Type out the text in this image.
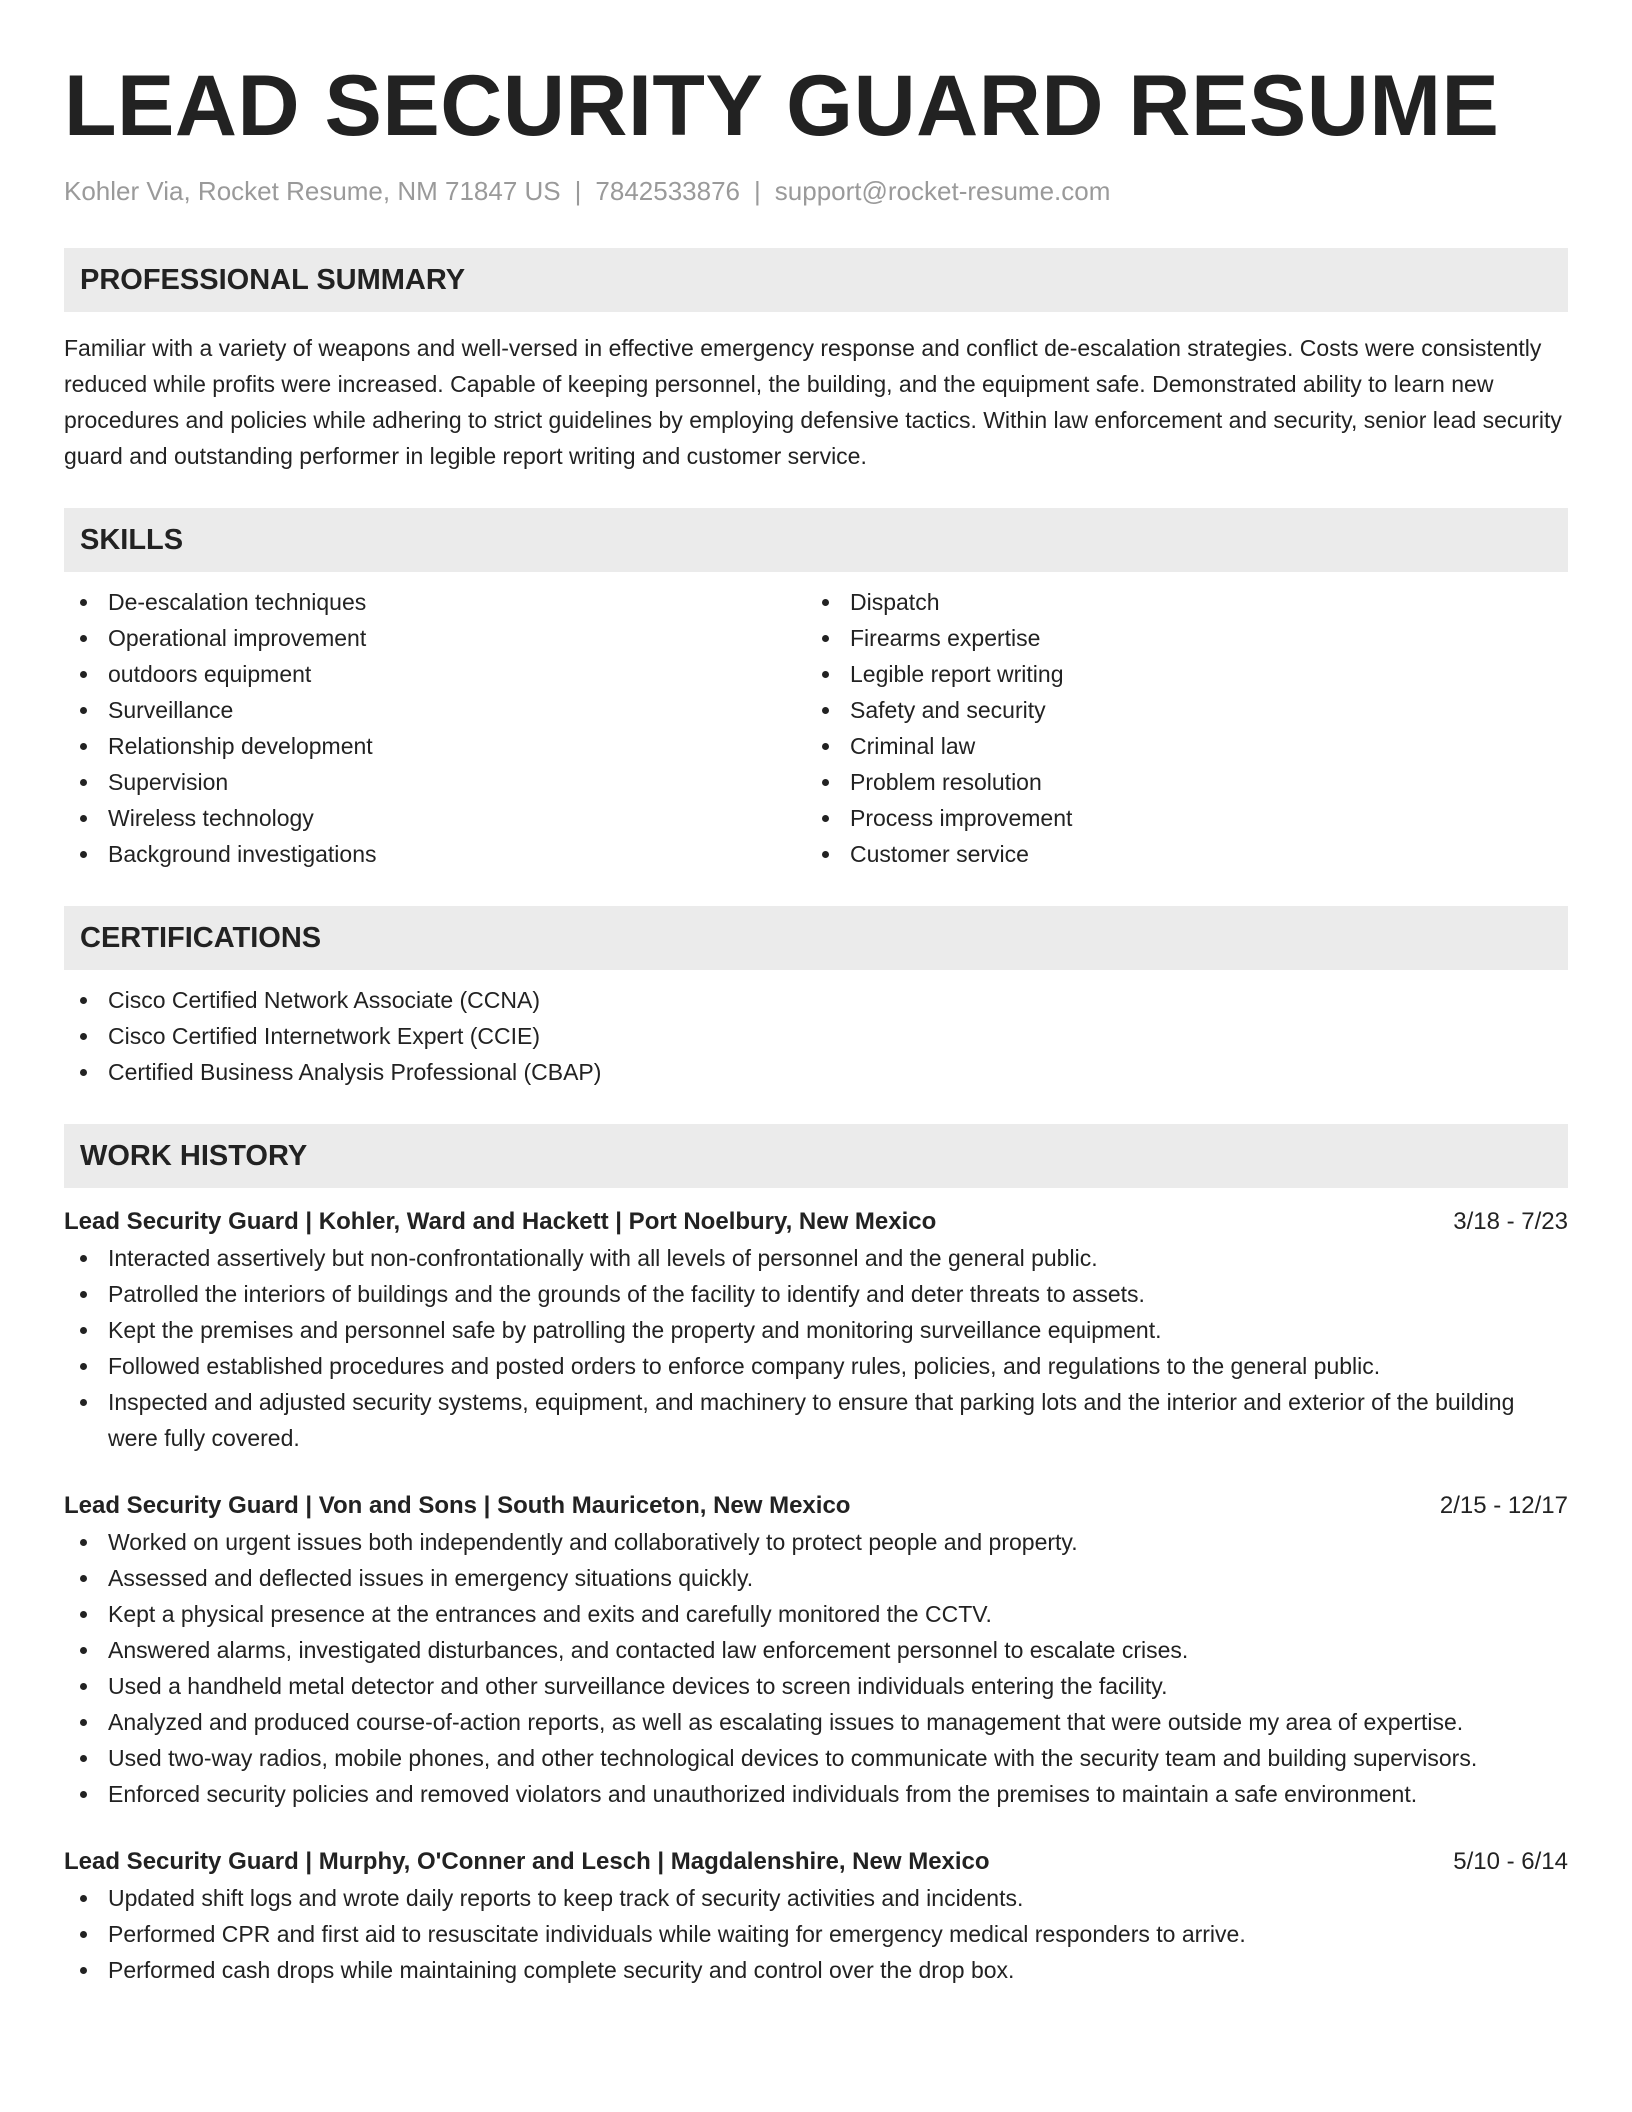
LEAD SECURITY GUARD RESUME
Kohler Via, Rocket Resume, NM 71847 US | 7842533876 | support@rocket-resume.com
PROFESSIONAL SUMMARY
Familiar with a variety of weapons and well-versed in effective emergency response and conflict de-escalation strategies. Costs were consistently reduced while profits were increased. Capable of keeping personnel, the building, and the equipment safe. Demonstrated ability to learn new procedures and policies while adhering to strict guidelines by employing defensive tactics. Within law enforcement and security, senior lead security guard and outstanding performer in legible report writing and customer service.
SKILLS
De-escalation techniques
Operational improvement
outdoors equipment
Surveillance
Relationship development
Supervision
Wireless technology
Background investigations
Dispatch
Firearms expertise
Legible report writing
Safety and security
Criminal law
Problem resolution
Process improvement
Customer service
CERTIFICATIONS
Cisco Certified Network Associate (CCNA)
Cisco Certified Internetwork Expert (CCIE)
Certified Business Analysis Professional (CBAP)
WORK HISTORY
Lead Security Guard | Kohler, Ward and Hackett | Port Noelbury, New Mexico	3/18 - 7/23
Interacted assertively but non-confrontationally with all levels of personnel and the general public.
Patrolled the interiors of buildings and the grounds of the facility to identify and deter threats to assets.
Kept the premises and personnel safe by patrolling the property and monitoring surveillance equipment.
Followed established procedures and posted orders to enforce company rules, policies, and regulations to the general public.
Inspected and adjusted security systems, equipment, and machinery to ensure that parking lots and the interior and exterior of the building were fully covered.
Lead Security Guard | Von and Sons | South Mauriceton, New Mexico	2/15 - 12/17
Worked on urgent issues both independently and collaboratively to protect people and property.
Assessed and deflected issues in emergency situations quickly.
Kept a physical presence at the entrances and exits and carefully monitored the CCTV.
Answered alarms, investigated disturbances, and contacted law enforcement personnel to escalate crises.
Used a handheld metal detector and other surveillance devices to screen individuals entering the facility.
Analyzed and produced course-of-action reports, as well as escalating issues to management that were outside my area of expertise.
Used two-way radios, mobile phones, and other technological devices to communicate with the security team and building supervisors.
Enforced security policies and removed violators and unauthorized individuals from the premises to maintain a safe environment.
Lead Security Guard | Murphy, O'Conner and Lesch | Magdalenshire, New Mexico	5/10 - 6/14
Updated shift logs and wrote daily reports to keep track of security activities and incidents.
Performed CPR and first aid to resuscitate individuals while waiting for emergency medical responders to arrive.
Performed cash drops while maintaining complete security and control over the drop box.
